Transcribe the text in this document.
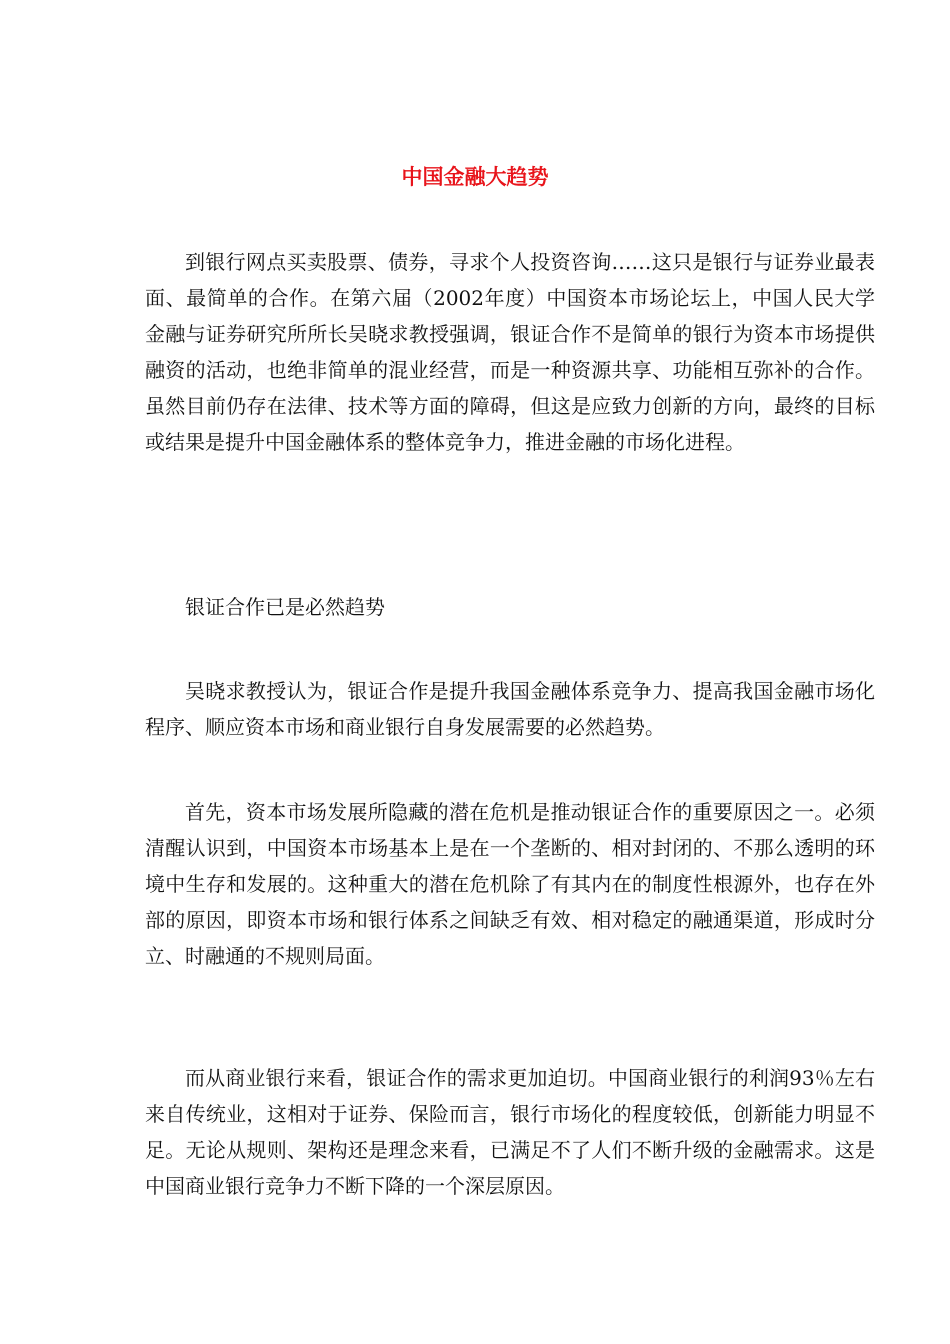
中国金融大趋势

到银行网点买卖股票、债券，寻求个人投资咨询……这只是银行与证券业最表面、最简单的合作。在第六届（2002年度）中国资本市场论坛上，中国人民大学金融与证券研究所所长吴晓求教授强调，银证合作不是简单的银行为资本市场提供融资的活动，也绝非简单的混业经营，而是一种资源共享、功能相互弥补的合作。虽然目前仍存在法律、技术等方面的障碍，但这是应致力创新的方向，最终的目标或结果是提升中国金融体系的整体竞争力，推进金融的市场化进程。

银证合作已是必然趋势

吴晓求教授认为，银证合作是提升我国金融体系竞争力、提高我国金融市场化程序、顺应资本市场和商业银行自身发展需要的必然趋势。

首先，资本市场发展所隐藏的潜在危机是推动银证合作的重要原因之一。必须清醒认识到，中国资本市场基本上是在一个垄断的、相对封闭的、不那么透明的环境中生存和发展的。这种重大的潜在危机除了有其内在的制度性根源外，也存在外部的原因，即资本市场和银行体系之间缺乏有效、相对稳定的融通渠道，形成时分立、时融通的不规则局面。

而从商业银行来看，银证合作的需求更加迫切。中国商业银行的利润93％左右来自传统业，这相对于证券、保险而言，银行市场化的程度较低，创新能力明显不足。无论从规则、架构还是理念来看，已满足不了人们不断升级的金融需求。这是中国商业银行竞争力不断下降的一个深层原因。
